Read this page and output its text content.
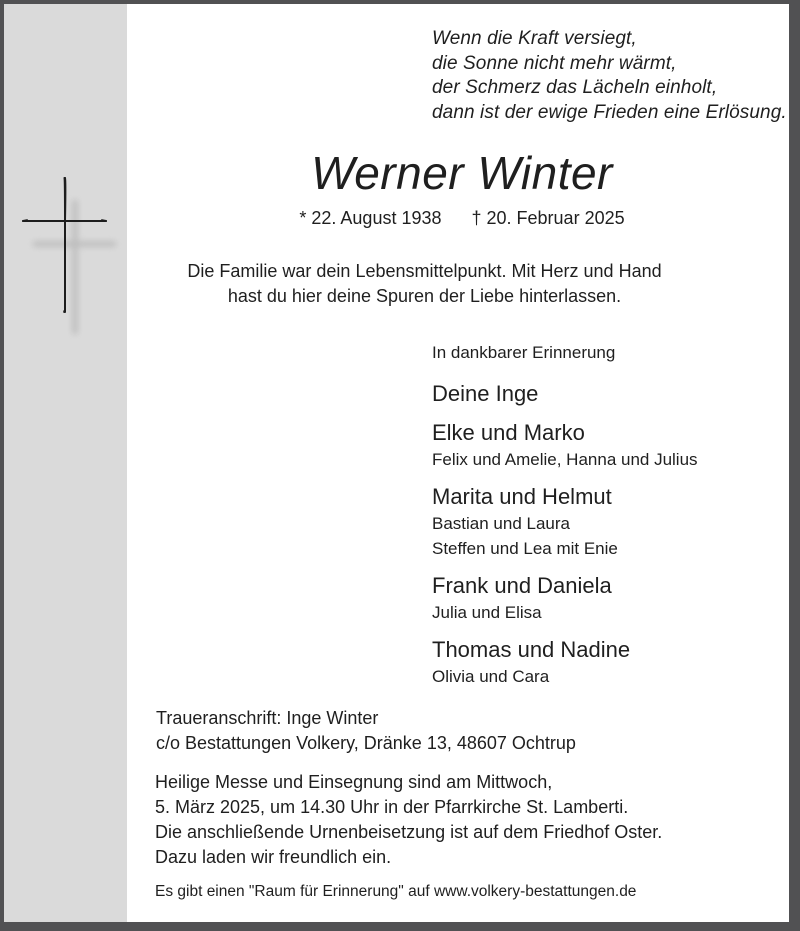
Wenn die Kraft versiegt,
die Sonne nicht mehr wärmt,
der Schmerz das Lächeln einholt,
dann ist der ewige Frieden eine Erlösung.
Werner Winter
* 22. August 1938 † 20. Februar 2025
Die Familie war dein Lebensmittelpunkt. Mit Herz und Hand
hast du hier deine Spuren der Liebe hinterlassen.
In dankbarer Erinnerung
Deine Inge
Elke und Marko
Felix und Amelie, Hanna und Julius
Marita und Helmut
Bastian und Laura
Steffen und Lea mit Enie
Frank und Daniela
Julia und Elisa
Thomas und Nadine
Olivia und Cara
Traueranschrift: Inge Winter
c/o Bestattungen Volkery, Dränke 13, 48607 Ochtrup
Heilige Messe und Einsegnung sind am Mittwoch,
5. März 2025, um 14.30 Uhr in der Pfarrkirche St. Lamberti.
Die anschließende Urnenbeisetzung ist auf dem Friedhof Oster.
Dazu laden wir freundlich ein.
Es gibt einen "Raum für Erinnerung" auf www.volkery-bestattungen.de
